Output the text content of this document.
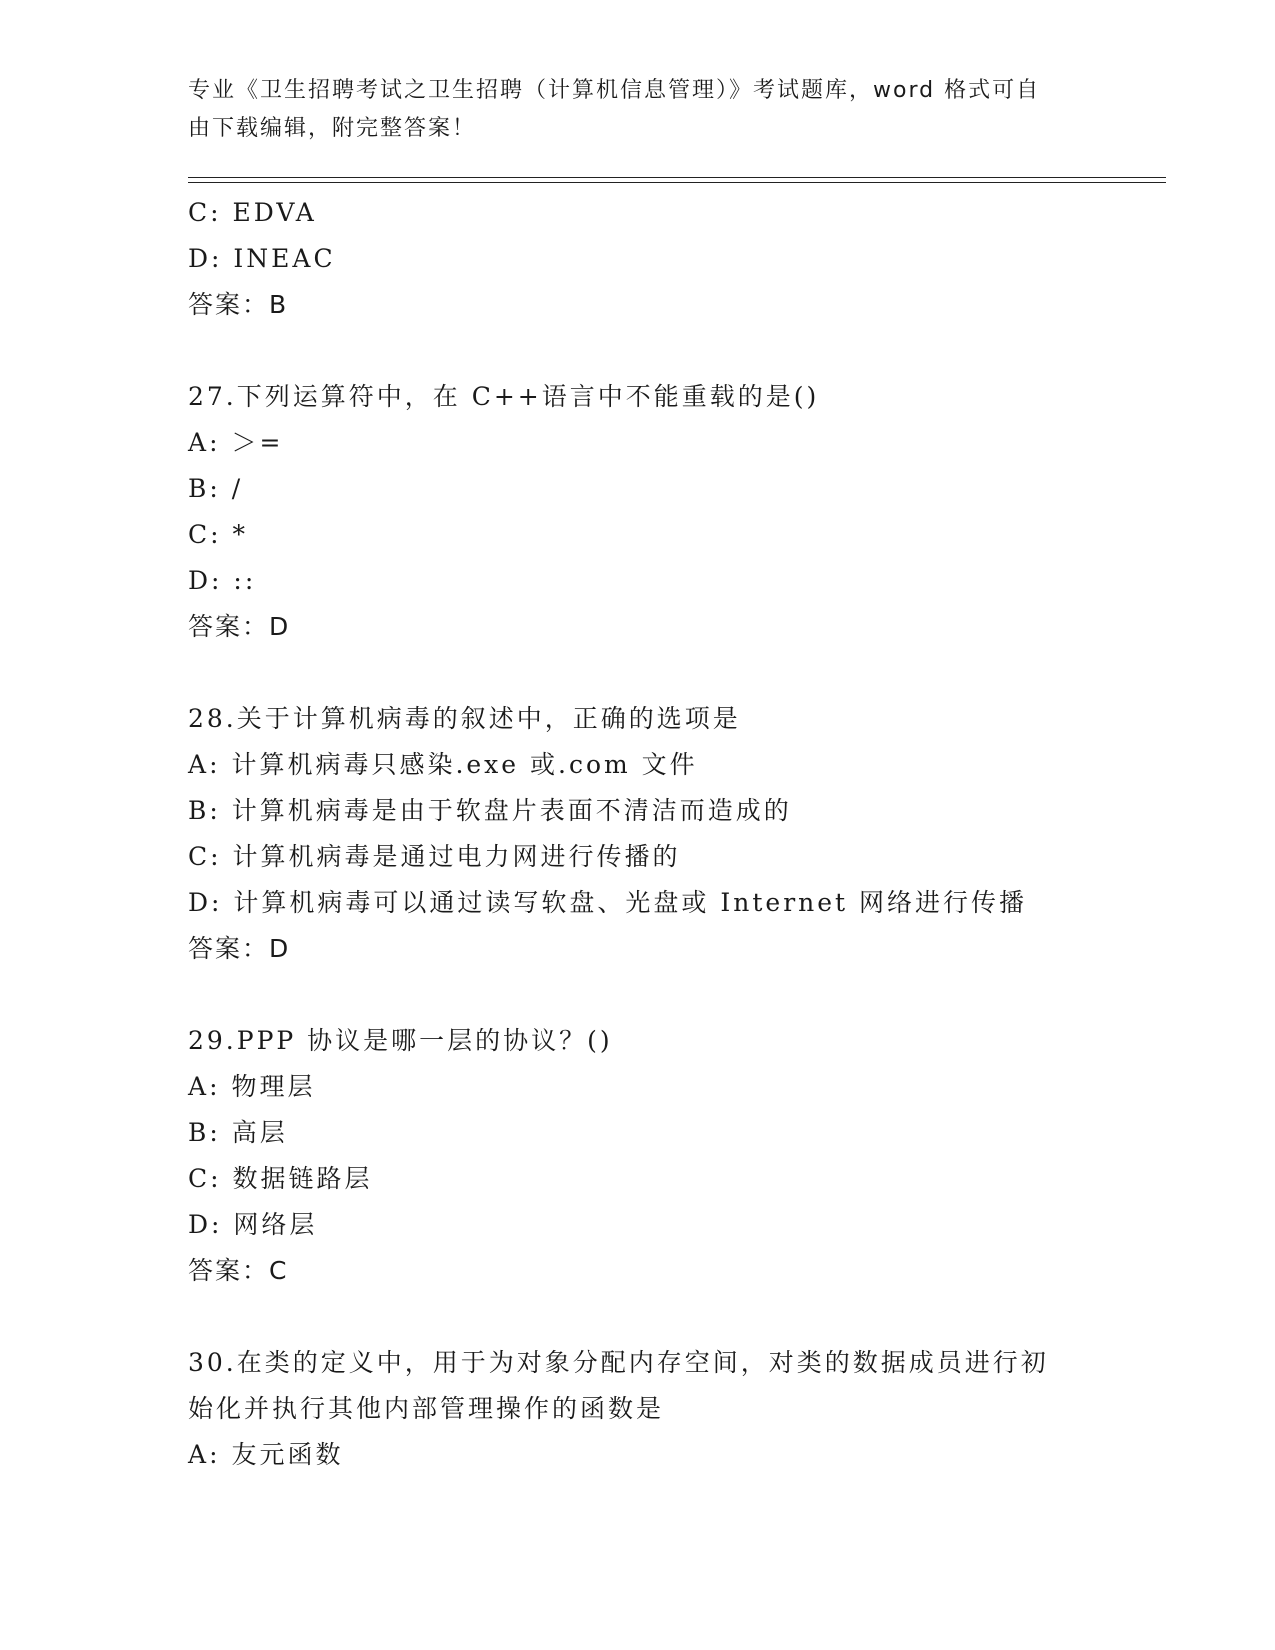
专业《卫生招聘考试之卫生招聘（计算机信息管理）》考试题库，word 格式可自
由下载编辑，附完整答案！
C: EDVA
D: INEAC
答案：B
27.下列运算符中，在 C++语言中不能重载的是()
A: ＞=
B: /
C: *
D: ::
答案：D
28.关于计算机病毒的叙述中，正确的选项是
A: 计算机病毒只感染.exe 或.com 文件
B: 计算机病毒是由于软盘片表面不清洁而造成的
C: 计算机病毒是通过电力网进行传播的
D: 计算机病毒可以通过读写软盘、光盘或 Internet 网络进行传播
答案：D
29.PPP 协议是哪一层的协议？()
A: 物理层
B: 高层
C: 数据链路层
D: 网络层
答案：C
30.在类的定义中，用于为对象分配内存空间，对类的数据成员进行初
始化并执行其他内部管理操作的函数是
A: 友元函数
